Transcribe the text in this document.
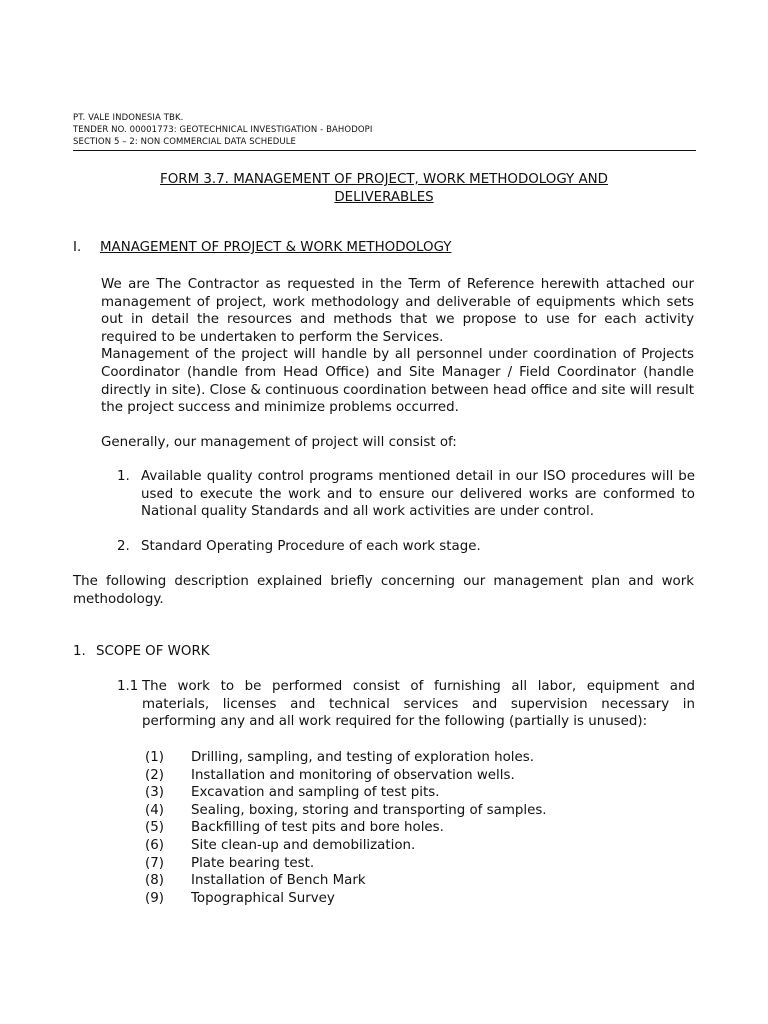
PT. VALE INDONESIA TBK.
TENDER NO. 00001773: GEOTECHNICAL INVESTIGATION - BAHODOPI
SECTION 5 – 2: NON COMMERCIAL DATA SCHEDULE
FORM 3.7. MANAGEMENT OF PROJECT, WORK METHODOLOGY AND
DELIVERABLES
I. MANAGEMENT OF PROJECT & WORK METHODOLOGY
We are The Contractor as requested in the Term of Reference herewith attached our management of project, work methodology and deliverable of equipments which sets out in detail the resources and methods that we propose to use for each activity required to be undertaken to perform the Services.
Management of the project will handle by all personnel under coordination of Projects Coordinator (handle from Head Office) and Site Manager / Field Coordinator (handle directly in site). Close & continuous coordination between head office and site will result the project success and minimize problems occurred.
Generally, our management of project will consist of:
1. Available quality control programs mentioned detail in our ISO procedures will be used to execute the work and to ensure our delivered works are conformed to National quality Standards and all work activities are under control.
2. Standard Operating Procedure of each work stage.
The following description explained briefly concerning our management plan and work methodology.
1. SCOPE OF WORK
1.1 The work to be performed consist of furnishing all labor, equipment and materials, licenses and technical services and supervision necessary in performing any and all work required for the following (partially is unused):
(1) Drilling, sampling, and testing of exploration holes.
(2) Installation and monitoring of observation wells.
(3) Excavation and sampling of test pits.
(4) Sealing, boxing, storing and transporting of samples.
(5) Backfilling of test pits and bore holes.
(6) Site clean-up and demobilization.
(7) Plate bearing test.
(8) Installation of Bench Mark
(9) Topographical Survey
